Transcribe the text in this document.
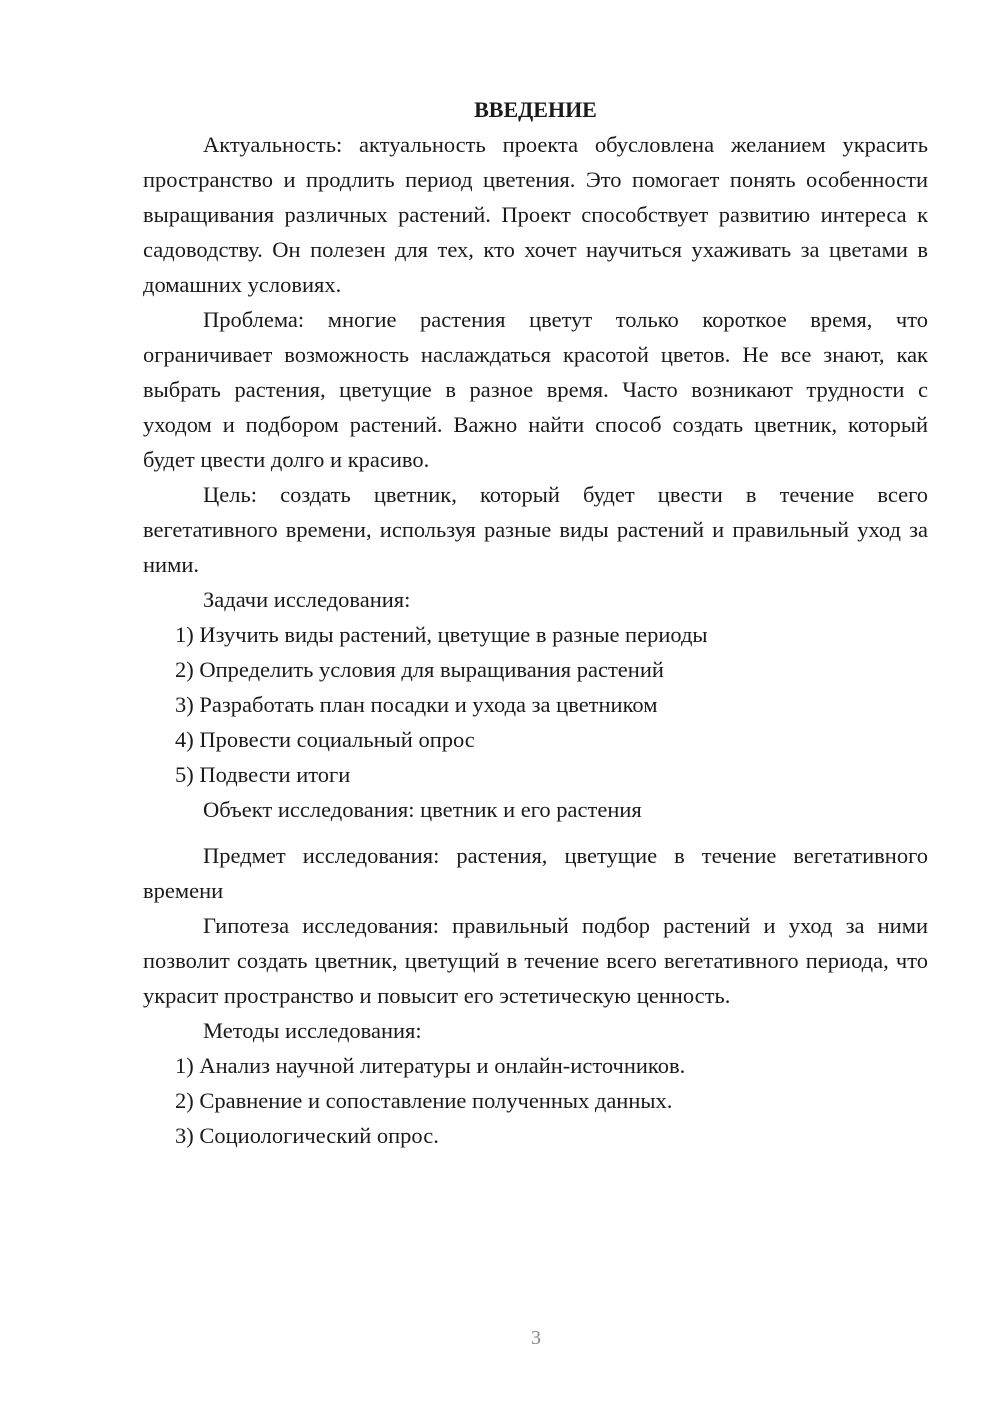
ВВЕДЕНИЕ

Актуальность: актуальность проекта обусловлена желанием украсить пространство и продлить период цветения. Это помогает понять особенности выращивания различных растений. Проект способствует развитию интереса к садоводству. Он полезен для тех, кто хочет научиться ухаживать за цветами в домашних условиях.

Проблема: многие растения цветут только короткое время, что ограничивает возможность наслаждаться красотой цветов. Не все знают, как выбрать растения, цветущие в разное время. Часто возникают трудности с уходом и подбором растений. Важно найти способ создать цветник, который будет цвести долго и красиво.

Цель: создать цветник, который будет цвести в течение всего вегетативного времени, используя разные виды растений и правильный уход за ними.

Задачи исследования:

1) Изучить виды растений, цветущие в разные периоды

2) Определить условия для выращивания растений

3) Разработать план посадки и ухода за цветником

4) Провести социальный опрос

5) Подвести итоги

Объект исследования: цветник и его растения

Предмет исследования: растения, цветущие в течение вегетативного времени

Гипотеза исследования: правильный подбор растений и уход за ними позволит создать цветник, цветущий в течение всего вегетативного периода, что украсит пространство и повысит его эстетическую ценность.

Методы исследования:

1) Анализ научной литературы и онлайн-источников.

2) Сравнение и сопоставление полученных данных.

3) Социологический опрос.

3
